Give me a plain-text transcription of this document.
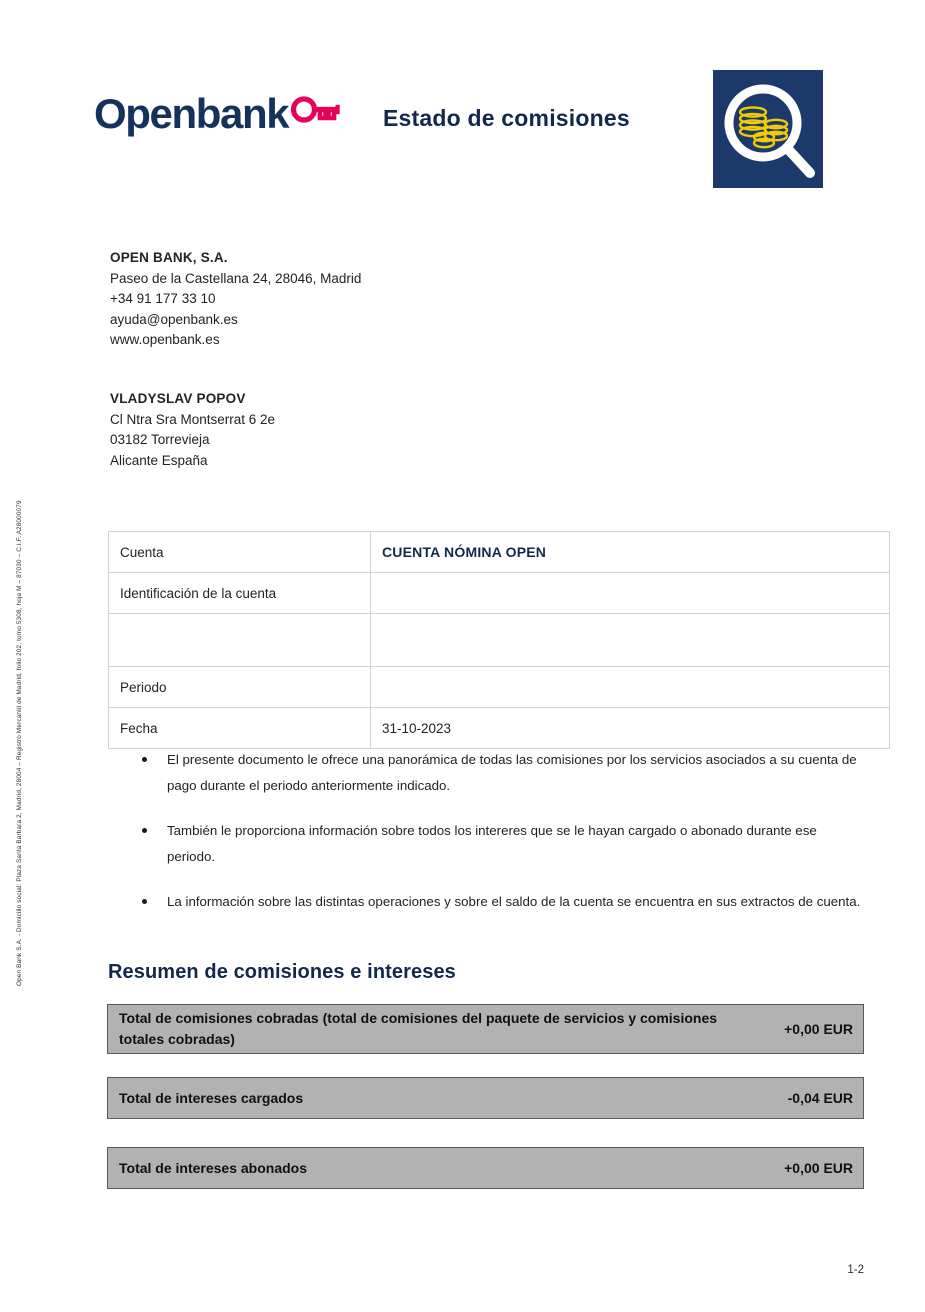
Open Bank S.A. - Domicilio social: Plaza Santa Barbara 2, Madrid, 28004 – Registro Mercantil de Madrid, folio 202, tomo 5308, hoja M – 87030 – C.I.F. A28000079
Openbank	Estado de comisiones
OPEN BANK, S.A.
Paseo de la Castellana 24, 28046, Madrid
+34 91 177 33 10
ayuda@openbank.es
www.openbank.es
VLADYSLAV POPOV
Cl Ntra Sra Montserrat 6 2e
03182 Torrevieja
Alicante España
Cuenta	CUENTA NÓMINA OPEN
Identificación de la cuenta	

Periodo	
Fecha	31-10-2023
El presente documento le ofrece una panorámica de todas las comisiones por los servicios asociados a su cuenta de pago durante el periodo anteriormente indicado.
También le proporciona información sobre todos los intereres que se le hayan cargado o abonado durante ese periodo.
La información sobre las distintas operaciones y sobre el saldo de la cuenta se encuentra en sus extractos de cuenta.
Resumen de comisiones e intereses
Total de comisiones cobradas (total de comisiones del paquete de servicios y comisiones totales cobradas)
+0,00 EUR
Total de intereses cargados	-0,04 EUR
Total de intereses abonados	+0,00 EUR
1-2
